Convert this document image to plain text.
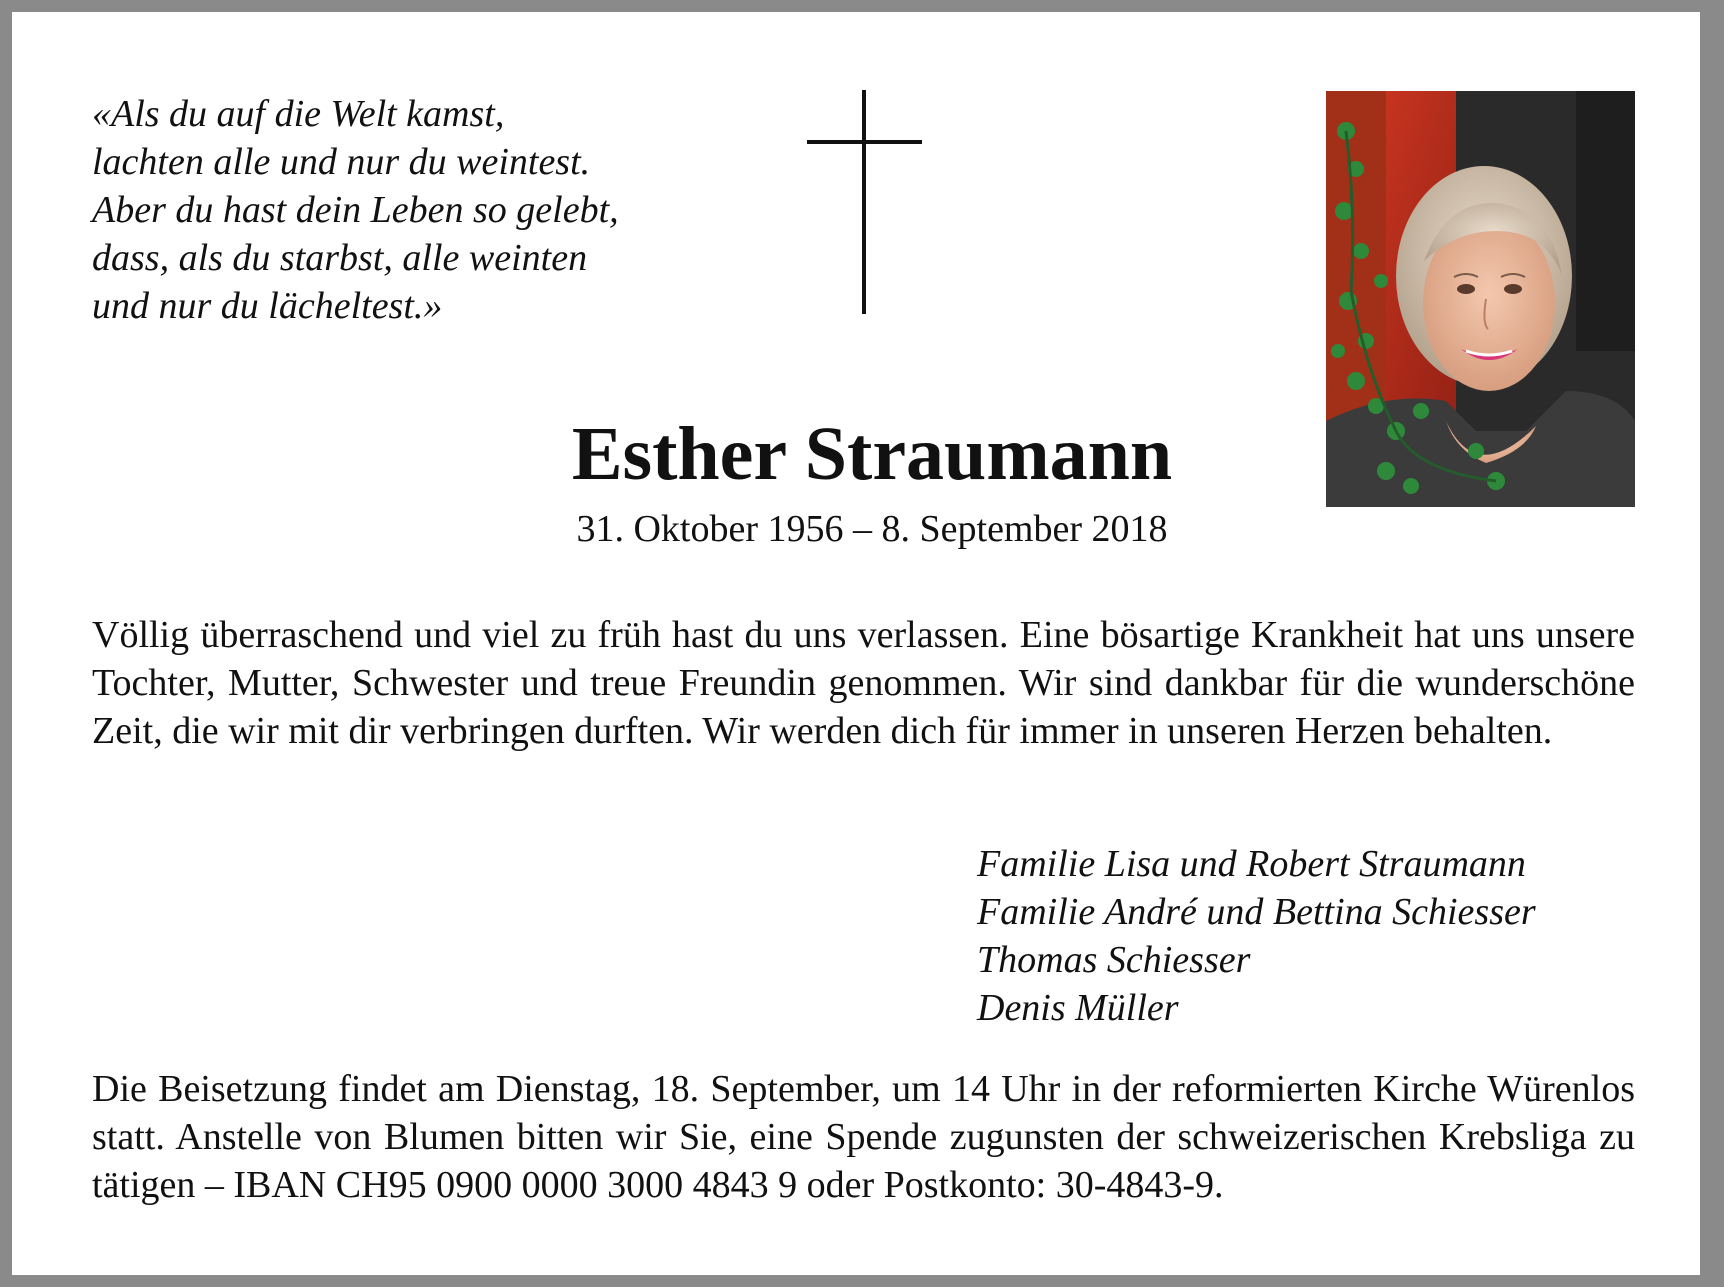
«Als du auf die Welt kamst,
lachten alle und nur du weintest.
Aber du hast dein Leben so gelebt,
dass, als du starbst, alle weinten
und nur du lächeltest.»
Esther Straumann
31. Oktober 1956 – 8. September 2018

Völlig überraschend und viel zu früh hast du uns verlassen. Eine bösartige Krankheit hat uns unsere Tochter, Mutter, Schwester und treue Freundin genommen. Wir sind dankbar für die wunderschöne Zeit, die wir mit dir verbringen durften. Wir werden dich für immer in unseren Herzen behalten.

Familie Lisa und Robert Straumann
Familie André und Bettina Schiesser
Thomas Schiesser
Denis Müller

Die Beisetzung findet am Dienstag, 18. September, um 14 Uhr in der reformierten Kirche Würenlos statt. Anstelle von Blumen bitten wir Sie, eine Spende zugunsten der schweizerischen Krebsliga zu tätigen – IBAN CH95 0900 0000 3000 4843 9 oder Postkonto: 30-4843-9.
